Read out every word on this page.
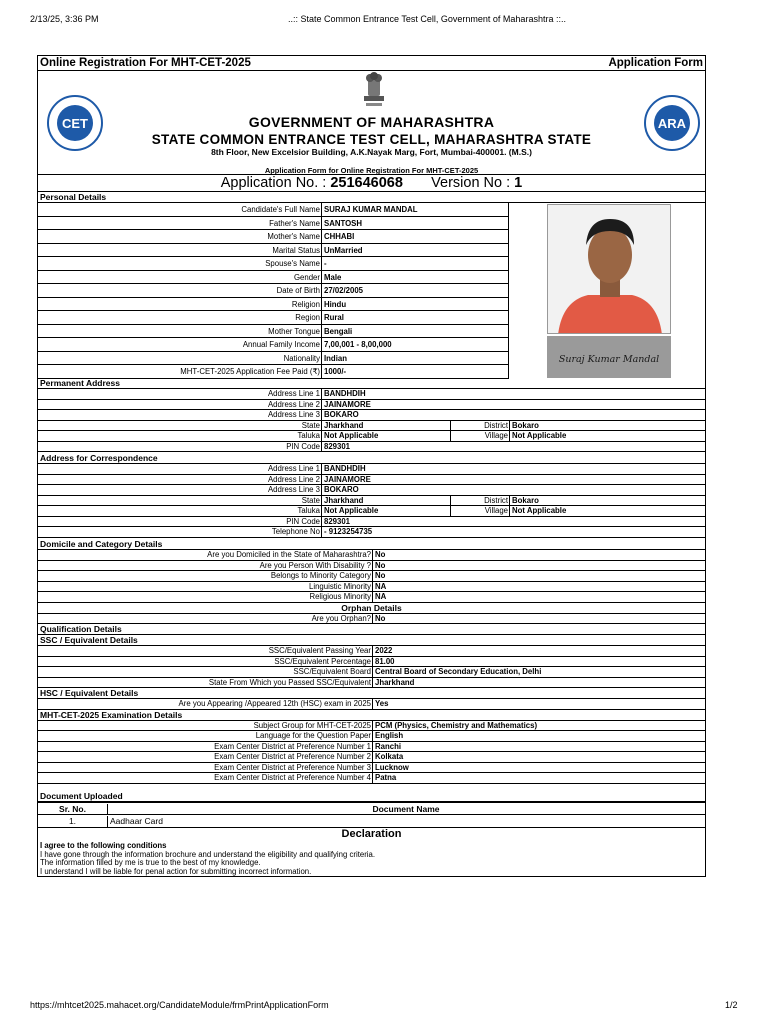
2/13/25, 3:36 PM	..:: State Common Entrance Test Cell, Government of Maharashtra ::..
Online Registration For MHT-CET-2025	Application Form
CET	ARA
GOVERNMENT OF MAHARASHTRA
STATE COMMON ENTRANCE TEST CELL, MAHARASHTRA STATE
8th Floor, New Excelsior Building, A.K.Nayak Marg, Fort, Mumbai-400001. (M.S.)
Application Form for Online Registration For MHT-CET-2025
Application No. : 251646068 Version No : 1
Personal Details
Candidate's Full Name SURAJ KUMAR MANDAL
Father's Name SANTOSH
Mother's Name CHHABI
Marital Status UnMarried
Spouse's Name -
Gender Male
Date of Birth 27/02/2005
Religion Hindu
Region Rural
Mother Tongue Bengali
Annual Family Income 7,00,001 - 8,00,000
Nationality Indian
MHT-CET-2025 Application Fee Paid (₹) 1000/-
Suraj Kumar Mandal
Permanent Address
Address Line 1 BANDHDIH
Address Line 2 JAINAMORE
Address Line 3 BOKARO
State Jharkhand	District Bokaro
Taluka Not Applicable	Village Not Applicable
PIN Code 829301
Address for Correspondence
Address Line 1 BANDHDIH
Address Line 2 JAINAMORE
Address Line 3 BOKARO
State Jharkhand	District Bokaro
Taluka Not Applicable	Village Not Applicable
PIN Code 829301
Telephone No - 9123254735
Domicile and Category Details
Are you Domiciled in the State of Maharashtra? No
Are you Person With Disability ? No
Belongs to Minority Category No
Linguistic Minority NA
Religious Minority NA
Orphan Details
Are you Orphan? No
Qualification Details
SSC / Equivalent Details
SSC/Equivalent Passing Year 2022
SSC/Equivalent Percentage 81.00
SSC/Equivalent Board Central Board of Secondary Education, Delhi
State From Which you Passed SSC/Equivalent Jharkhand
HSC / Equivalent Details
Are you Appearing /Appeared 12th (HSC) exam in 2025 Yes
MHT-CET-2025 Examination Details
Subject Group for MHT-CET-2025 PCM (Physics, Chemistry and Mathematics)
Language for the Question Paper English
Exam Center District at Preference Number 1 Ranchi
Exam Center District at Preference Number 2 Kolkata
Exam Center District at Preference Number 3 Lucknow
Exam Center District at Preference Number 4 Patna
Document Uploaded
Sr. No.	Document Name
1.	Aadhaar Card
Declaration
I agree to the following conditions
I have gone through the information brochure and understand the eligibility and qualifying criteria.
The information filled by me is true to the best of my knowledge.
I understand I will be liable for penal action for submitting incorrect information.
https://mhtcet2025.mahacet.org/CandidateModule/frmPrintApplicationForm	1/2
